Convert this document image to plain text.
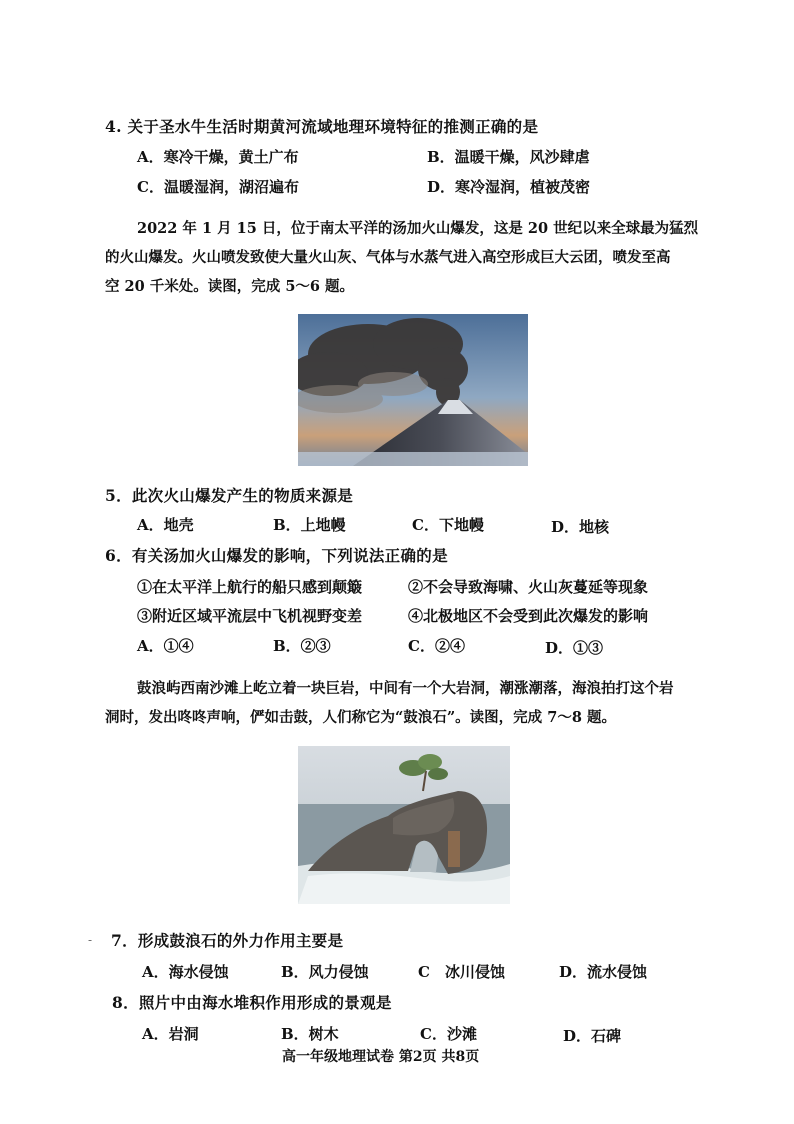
4. 关于圣水牛生活时期黄河流域地理环境特征的推测正确的是
A．寒冷干燥，黄土广布	B．温暖干燥，风沙肆虐
C．温暖湿润，湖沼遍布	D．寒冷湿润，植被茂密
2022 年 1 月 15 日，位于南太平洋的汤加火山爆发，这是 20 世纪以来全球最为猛烈
的火山爆发。火山喷发致使大量火山灰、气体与水蒸气进入高空形成巨大云团，喷发至高
空 20 千米处。读图，完成 5～6 题。
5．此次火山爆发产生的物质来源是
A．地壳	B．上地幔	C．下地幔	D．地核
6．有关汤加火山爆发的影响，下列说法正确的是
①在太平洋上航行的船只感到颠簸	②不会导致海啸、火山灰蔓延等现象
③附近区域平流层中飞机视野变差	④北极地区不会受到此次爆发的影响
A．①④	B．②③	C．②④	D．①③
鼓浪屿西南沙滩上屹立着一块巨岩，中间有一个大岩洞，潮涨潮落，海浪拍打这个岩
洞时，发出咚咚声响，俨如击鼓，人们称它为“鼓浪石”。读图，完成 7～8 题。
- 7．形成鼓浪石的外力作用主要是
A．海水侵蚀	B．风力侵蚀	C　冰川侵蚀	D．流水侵蚀
8．照片中由海水堆积作用形成的景观是
A．岩洞	B．树木	C．沙滩	D．石碑
高一年级地理试卷 第2页 共8页
